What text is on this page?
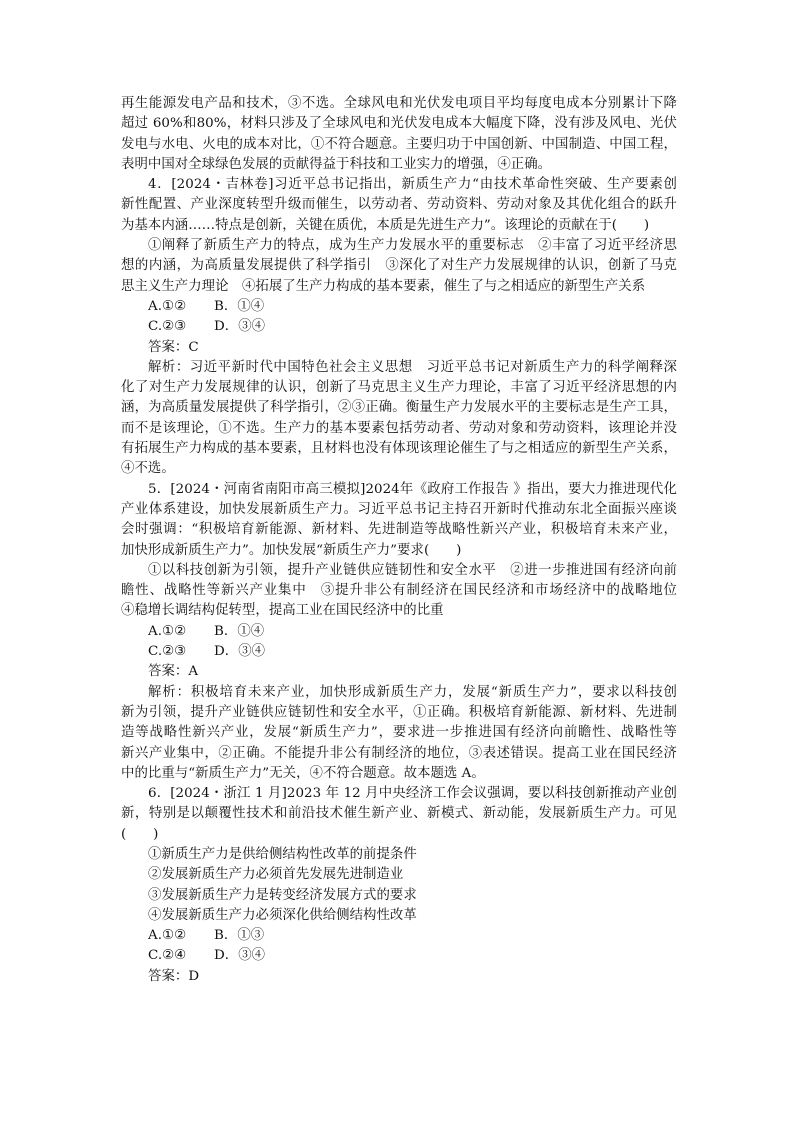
再生能源发电产品和技术，③不选。全球风电和光伏发电项目平均每度电成本分别累计下降
超过 60%和80%，材料只涉及了全球风电和光伏发电成本大幅度下降，没有涉及风电、光伏
发电与水电、火电的成本对比，①不符合题意。主要归功于中国创新、中国制造、中国工程，
表明中国对全球绿色发展的贡献得益于科技和工业实力的增强，④正确。
4．[2024・吉林卷]习近平总书记指出，新质生产力“由技术革命性突破、生产要素创
新性配置、产业深度转型升级而催生，以劳动者、劳动资料、劳动对象及其优化组合的跃升
为基本内涵……特点是创新，关键在质优，本质是先进生产力”。该理论的贡献在于(　　)
①阐释了新质生产力的特点，成为生产力发展水平的重要标志　②丰富了习近平经济思
想的内涵，为高质量发展提供了科学指引　③深化了对生产力发展规律的认识，创新了马克
思主义生产力理论　④拓展了生产力构成的基本要素，催生了与之相适应的新型生产关系
A.①② B．①④
C.②③ D．③④
答案：C
解析：习近平新时代中国特色社会主义思想　习近平总书记对新质生产力的科学阐释深
化了对生产力发展规律的认识，创新了马克思主义生产力理论，丰富了习近平经济思想的内
涵，为高质量发展提供了科学指引，②③正确。衡量生产力发展水平的主要标志是生产工具，
而不是该理论，①不选。生产力的基本要素包括劳动者、劳动对象和劳动资料，该理论并没
有拓展生产力构成的基本要素，且材料也没有体现该理论催生了与之相适应的新型生产关系，
④不选。
5．[2024・河南省南阳市高三模拟]2024年《政府工作报告 》指出，要大力推进现代化
产业体系建设，加快发展新质生产力。习近平总书记主持召开新时代推动东北全面振兴座谈
会时强调：“积极培育新能源、新材料、先进制造等战略性新兴产业，积极培育未来产业，
加快形成新质生产力”。加快发展“新质生产力”要求(　　)
①以科技创新为引领，提升产业链供应链韧性和安全水平　②进一步推进国有经济向前
瞻性、战略性等新兴产业集中　③提升非公有制经济在国民经济和市场经济中的战略地位
④稳增长调结构促转型，提高工业在国民经济中的比重
A.①② B．①④
C.②③ D．③④
答案：A
解析：积极培育未来产业，加快形成新质生产力，发展“新质生产力”，要求以科技创
新为引领，提升产业链供应链韧性和安全水平，①正确。积极培育新能源、新材料、先进制
造等战略性新兴产业，发展“新质生产力”，要求进一步推进国有经济向前瞻性、战略性等
新兴产业集中，②正确。不能提升非公有制经济的地位，③表述错误。提高工业在国民经济
中的比重与“新质生产力”无关，④不符合题意。故本题选 A。
6．[2024・浙江 1 月]2023 年 12 月中央经济工作会议强调，要以科技创新推动产业创
新，特别是以颠覆性技术和前沿技术催生新产业、新模式、新动能，发展新质生产力。可见
(　　)
①新质生产力是供给侧结构性改革的前提条件
②发展新质生产力必须首先发展先进制造业
③发展新质生产力是转变经济发展方式的要求
④发展新质生产力必须深化供给侧结构性改革
A.①② B．①③
C.②④ D．③④
答案：D
